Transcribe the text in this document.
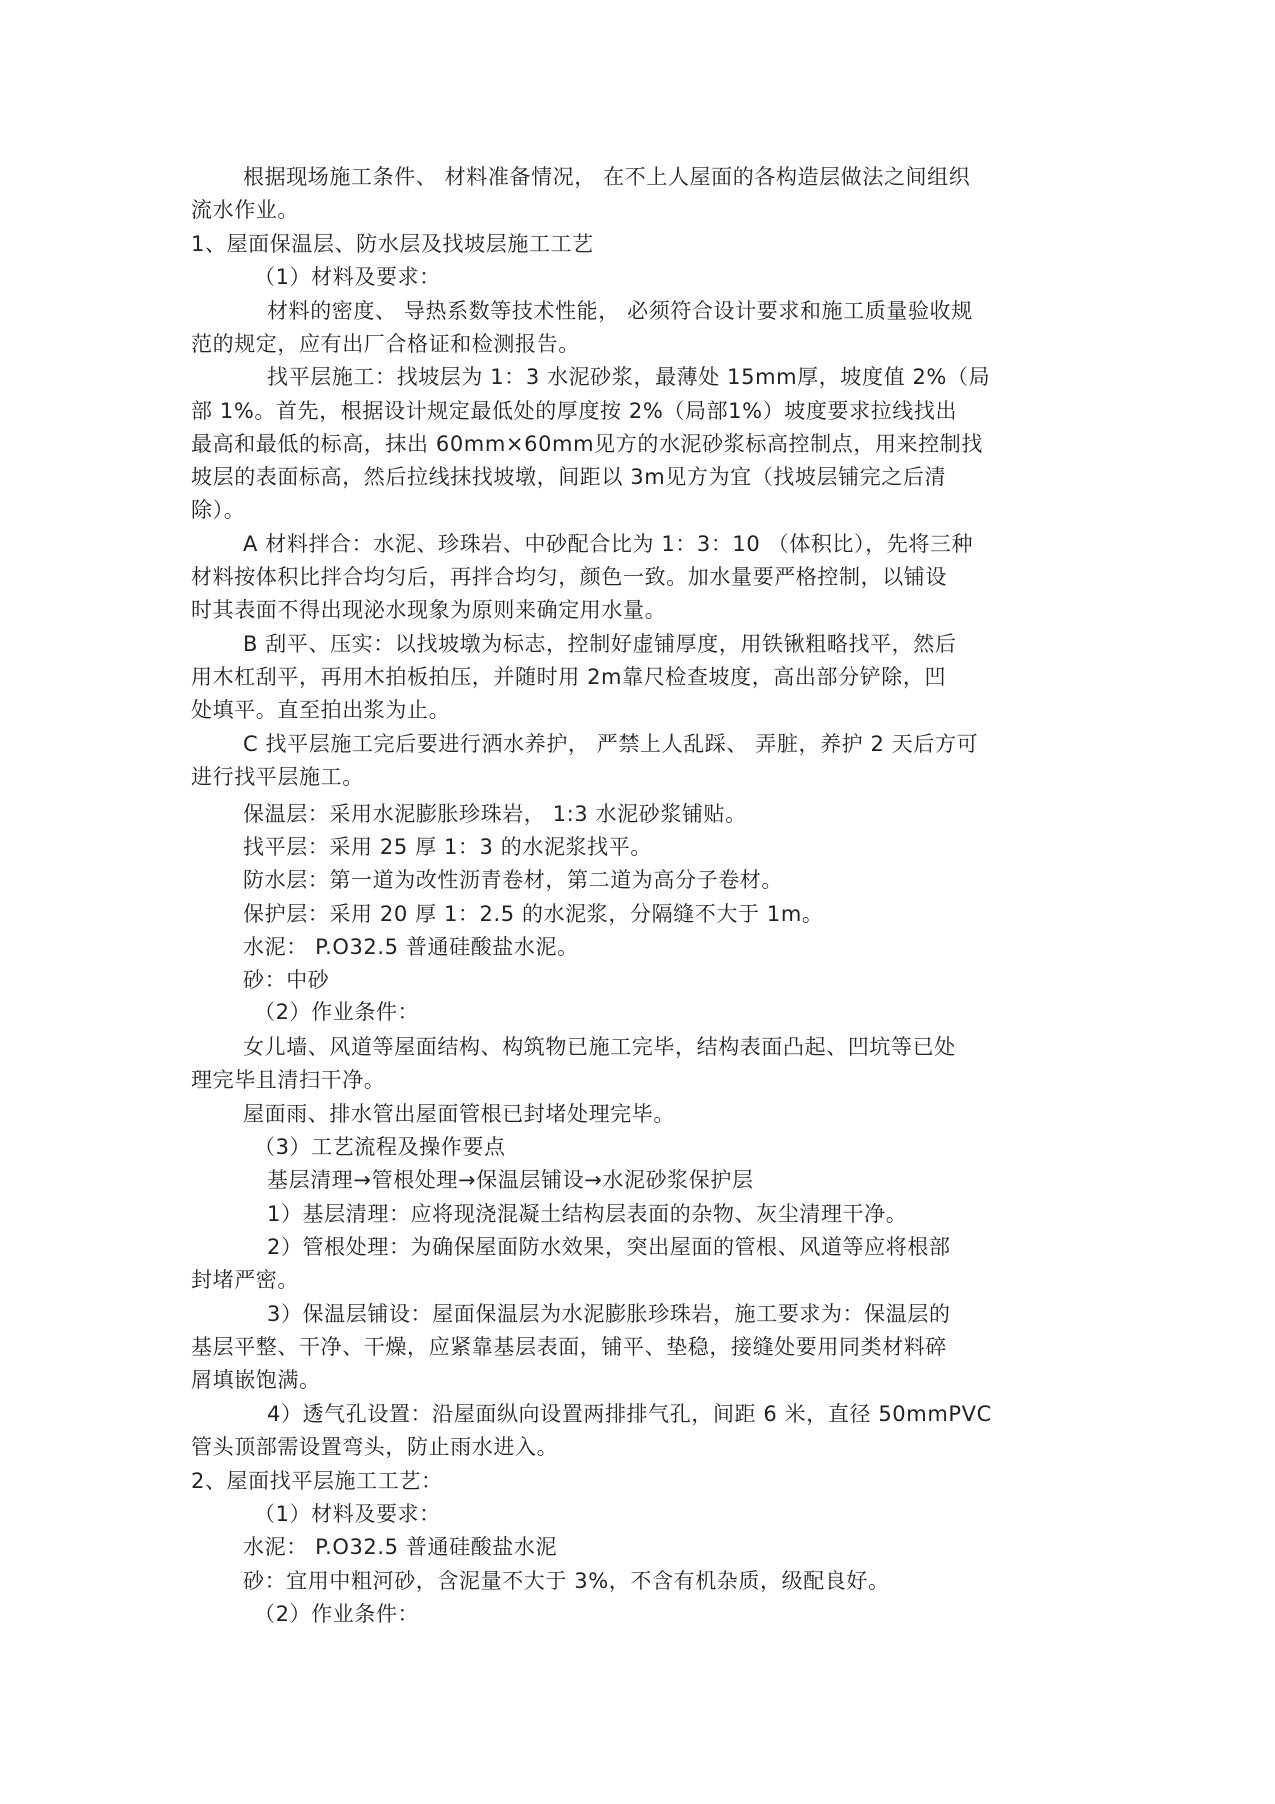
根据现场施工条件、 材料准备情况， 在不上人屋面的各构造层做法之间组织
流水作业。
1、屋面保温层、防水层及找坡层施工工艺
（1）材料及要求：
材料的密度、 导热系数等技术性能， 必须符合设计要求和施工质量验收规
范的规定，应有出厂合格证和检测报告。
找平层施工：找坡层为 1：3 水泥砂浆，最薄处 15mm厚，坡度值 2%（局
部 1%。首先，根据设计规定最低处的厚度按 2%（局部1%）坡度要求拉线找出
最高和最低的标高，抹出 60mm×60mm见方的水泥砂浆标高控制点，用来控制找
坡层的表面标高，然后拉线抹找坡墩，间距以 3m见方为宜（找坡层铺完之后清
除）。
A 材料拌合：水泥、珍珠岩、中砂配合比为 1：3：10 （体积比），先将三种
材料按体积比拌合均匀后，再拌合均匀，颜色一致。加水量要严格控制，以铺设
时其表面不得出现泌水现象为原则来确定用水量。
B 刮平、压实：以找坡墩为标志，控制好虚铺厚度，用铁锹粗略找平，然后
用木杠刮平，再用木拍板拍压，并随时用 2m靠尺检查坡度，高出部分铲除，凹
处填平。直至拍出浆为止。
C 找平层施工完后要进行洒水养护， 严禁上人乱踩、 弄脏，养护 2 天后方可
进行找平层施工。
保温层：采用水泥膨胀珍珠岩， 1:3 水泥砂浆铺贴。
找平层：采用 25 厚 1：3 的水泥浆找平。
防水层：第一道为改性沥青卷材，第二道为高分子卷材。
保护层：采用 20 厚 1：2.5 的水泥浆，分隔缝不大于 1m。
水泥： P.O32.5 普通硅酸盐水泥。
砂：中砂
（2）作业条件：
女儿墙、风道等屋面结构、构筑物已施工完毕，结构表面凸起、凹坑等已处
理完毕且清扫干净。
屋面雨、排水管出屋面管根已封堵处理完毕。
（3）工艺流程及操作要点
基层清理→管根处理→保温层铺设→水泥砂浆保护层
1）基层清理：应将现浇混凝土结构层表面的杂物、灰尘清理干净。
2）管根处理：为确保屋面防水效果，突出屋面的管根、风道等应将根部
封堵严密。
3）保温层铺设：屋面保温层为水泥膨胀珍珠岩，施工要求为：保温层的
基层平整、干净、干燥，应紧靠基层表面，铺平、垫稳，接缝处要用同类材料碎
屑填嵌饱满。
4）透气孔设置：沿屋面纵向设置两排排气孔，间距 6 米，直径 50mmPVC
管头顶部需设置弯头，防止雨水进入。
2、屋面找平层施工工艺：
（1）材料及要求：
水泥： P.O32.5 普通硅酸盐水泥
砂：宜用中粗河砂，含泥量不大于 3%，不含有机杂质，级配良好。
（2）作业条件：
